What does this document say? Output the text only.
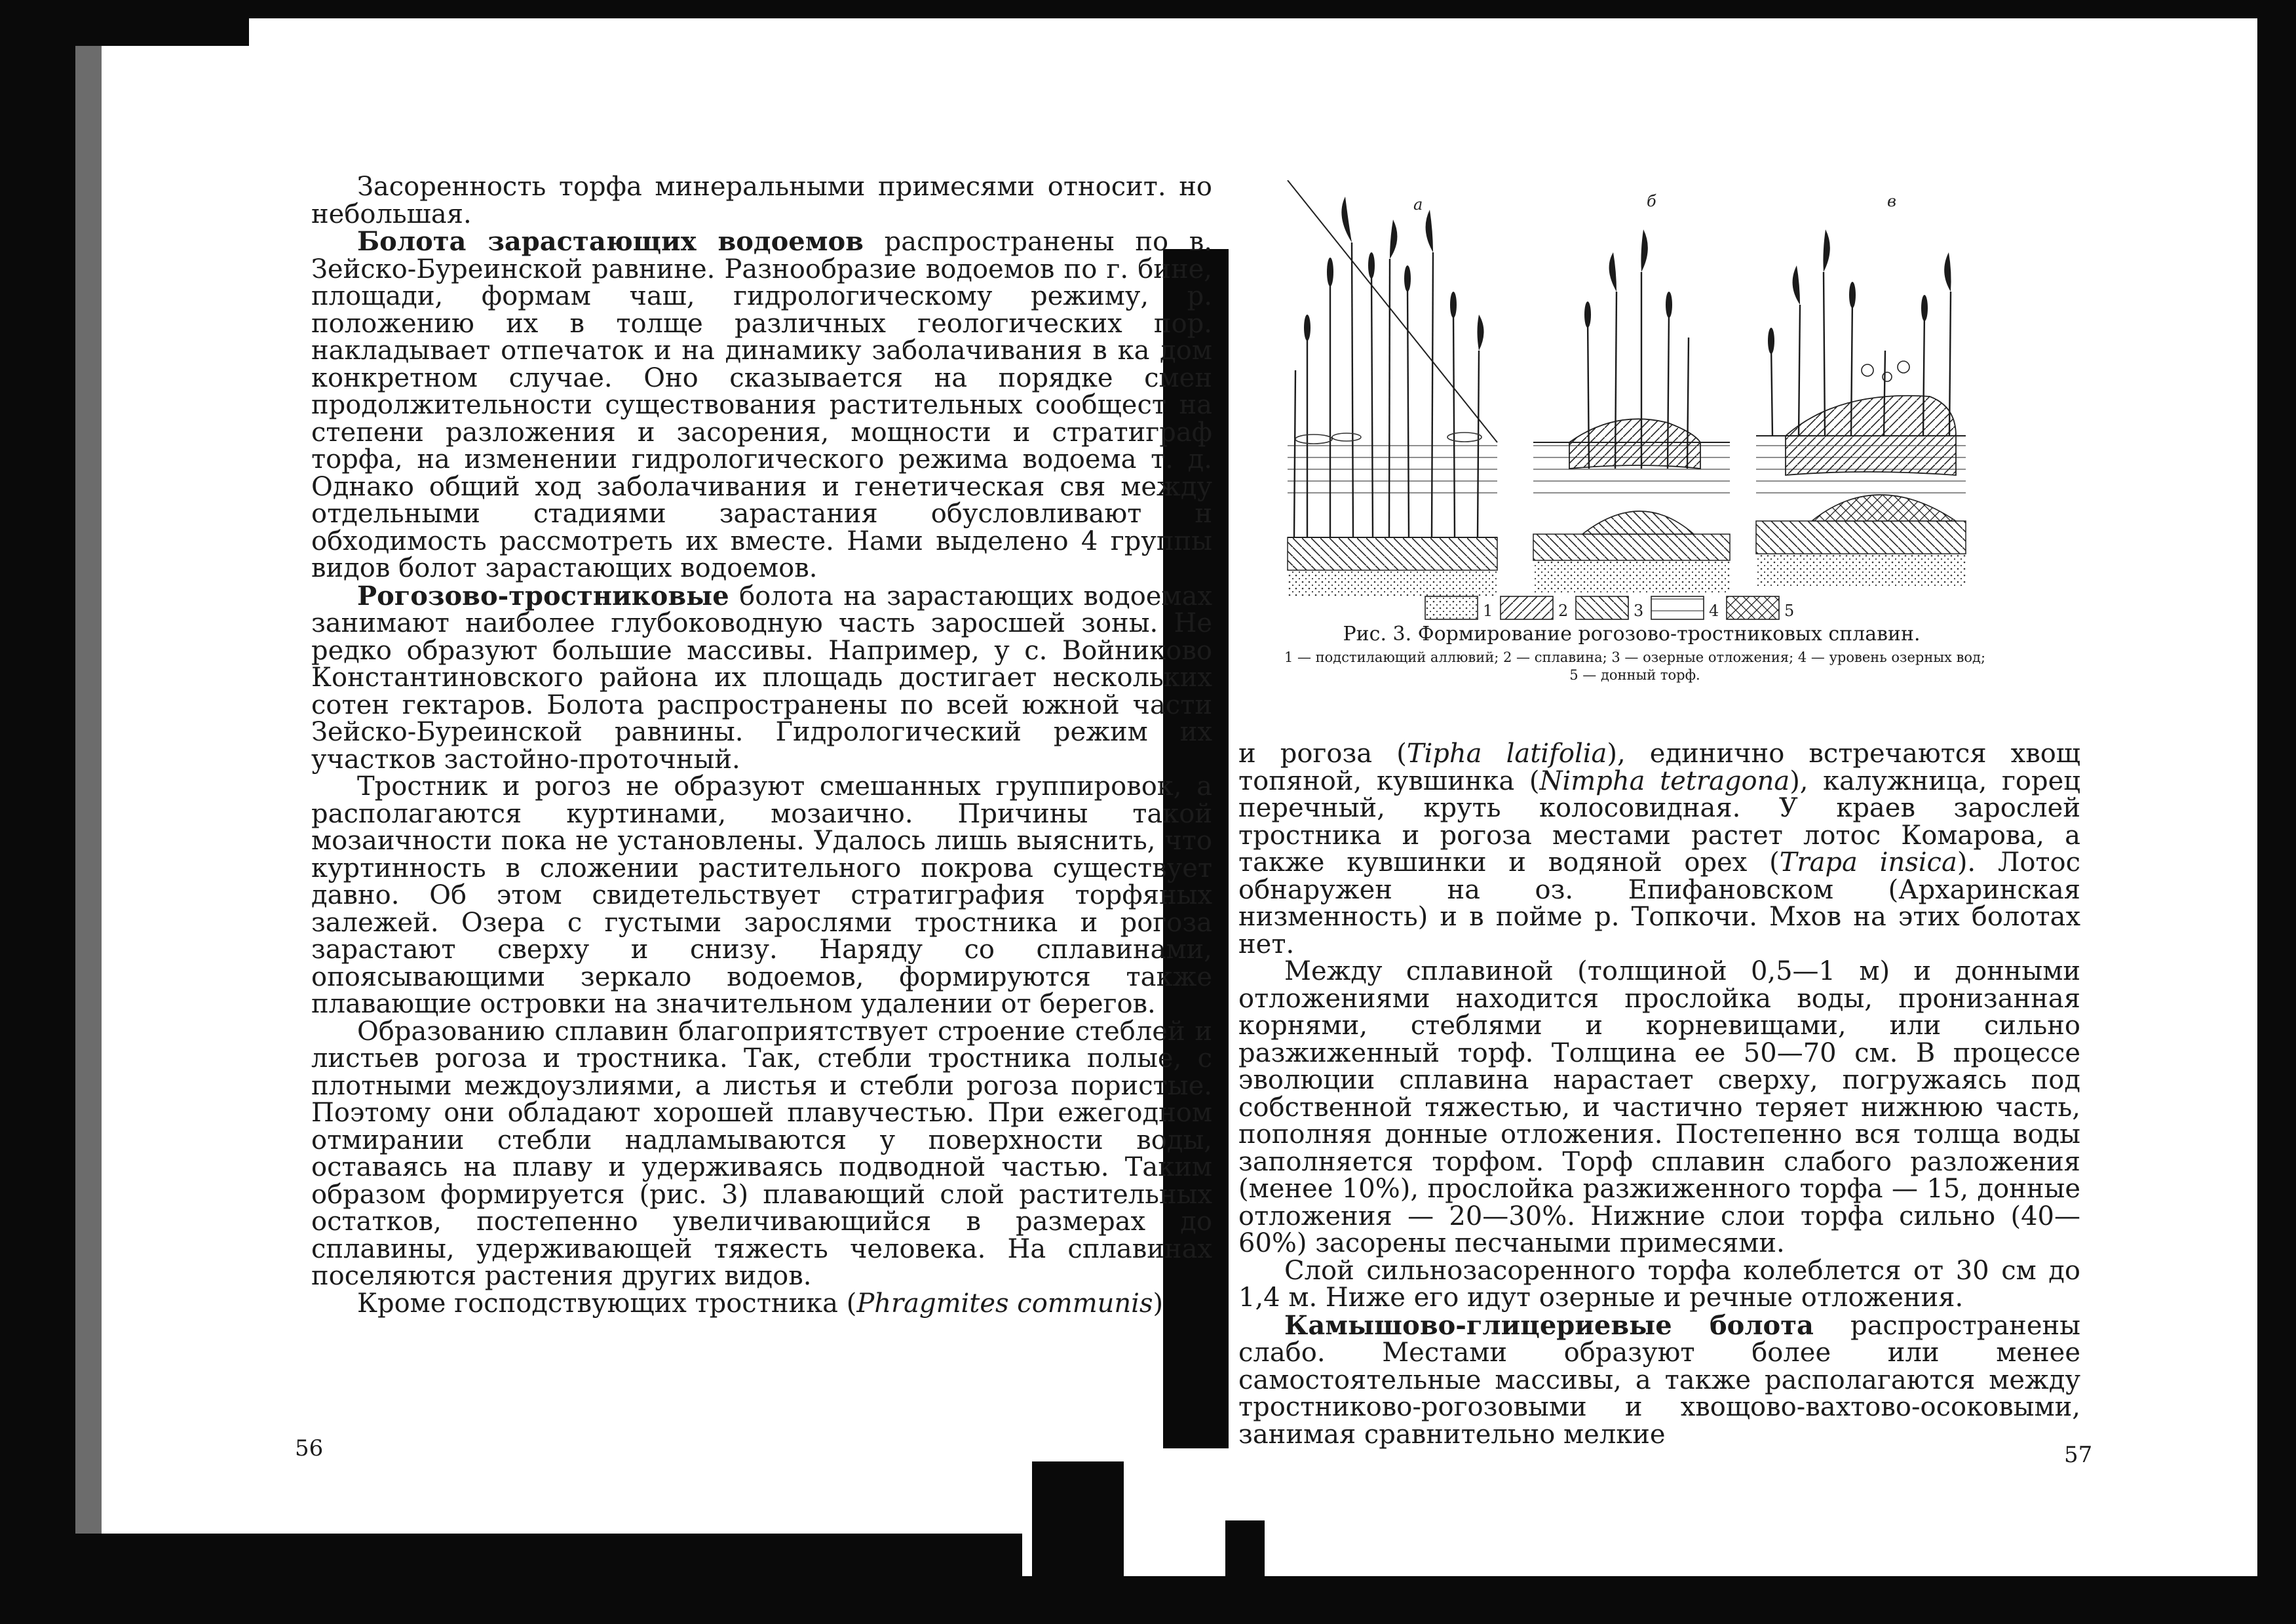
Засоренность торфа минеральными примесями относит. но небольшая.

Болота зарастающих водоемов распространены по в. Зейско-Буреинской равнине. Разнообразие водоемов по г. бине, площади, формам чаш, гидрологическому режиму, р. положению их в толще различных геологических пор. накладывает отпечаток и на динамику заболачивания в ка дом конкретном случае. Оно сказывается на порядке смен продолжительности существования растительных сообщест на степени разложения и засорения, мощности и стратиграф торфа, на изменении гидрологического режима водоема т. д. Однако общий ход заболачивания и генетическая свя между отдельными стадиями зарастания обусловливают н обходимость рассмотреть их вместе. Нами выделено 4 группы видов болот зарастающих водоемов.

Рогозово-тростниковые болота на зарастающих водоемах занимают наиболее глубоководную часть заросшей зоны. Не редко образуют большие массивы. Например, у с. Войниково Константиновского района их площадь достигает нескольких сотен гектаров. Болота распространены по всей южной части Зейско-Буреинской равнины. Гидрологический режим их участков застойно-проточный.

Тростник и рогоз не образуют смешанных группировок, а располагаются куртинами, мозаично. Причины такой мозаичности пока не установлены. Удалось лишь выяснить, что куртинность в сложении растительного покрова существует давно. Об этом свидетельствует стратиграфия торфяных залежей. Озера с густыми зарослями тростника и рогоза зарастают сверху и снизу. Наряду со сплавинами, опоясывающими зеркало водоемов, формируются также плавающие островки на значительном удалении от берегов.

Образованию сплавин благоприятствует строение стеблей и листьев рогоза и тростника. Так, стебли тростника полые, с плотными междоузлиями, а листья и стебли рогоза пористые. Поэтому они обладают хорошей плавучестью. При ежегодном отмирании стебли надламываются у поверхности воды, оставаясь на плаву и удерживаясь подводной частью. Таким образом формируется (рис. 3) плавающий слой растительных остатков, постепенно увеличивающийся в размерах до сплавины, удерживающей тяжесть человека. На сплавинах поселяются растения других видов.

Кроме господствующих тростника (Phragmites communis)

56
а	б	в
1	2	3	4	5
Рис. 3. Формирование рогозово-тростниковых сплавин.
1 — подстилающий аллювий; 2 — сплавина; 3 — озерные отложения; 4 — уровень озерных вод; 5 — донный торф.

и рогоза (Tipha latifolia), единично встречаются хвощ топяной, кувшинка (Nimpha tetragona), калужница, горец перечный, круть колосовидная. У краев зарослей тростника и рогоза местами растет лотос Комарова, а также кувшинки и водяной орех (Trapa insica). Лотос обнаружен на оз. Епифановском (Архаринская низменность) и в пойме р. Топкочи. Мхов на этих болотах нет.

Между сплавиной (толщиной 0,5—1 м) и донными отложениями находится прослойка воды, пронизанная корнями, стеблями и корневищами, или сильно разжиженный торф. Толщина ее 50—70 см. В процессе эволюции сплавина нарастает сверху, погружаясь под собственной тяжестью, и частично теряет нижнюю часть, пополняя донные отложения. Постепенно вся толща воды заполняется торфом. Торф сплавин слабого разложения (менее 10%), прослойка разжиженного торфа — 15, донные отложения — 20—30%. Нижние слои торфа сильно (40—60%) засорены песчаными примесями.

Слой сильнозасоренного торфа колеблется от 30 см до 1,4 м. Ниже его идут озерные и речные отложения.

Камышово-глицериевые болота распространены слабо. Местами образуют более или менее самостоятельные массивы, а также располагаются между тростниково-рогозовыми и хвощово-вахтово-осоковыми, занимая сравнительно мелкие

57
